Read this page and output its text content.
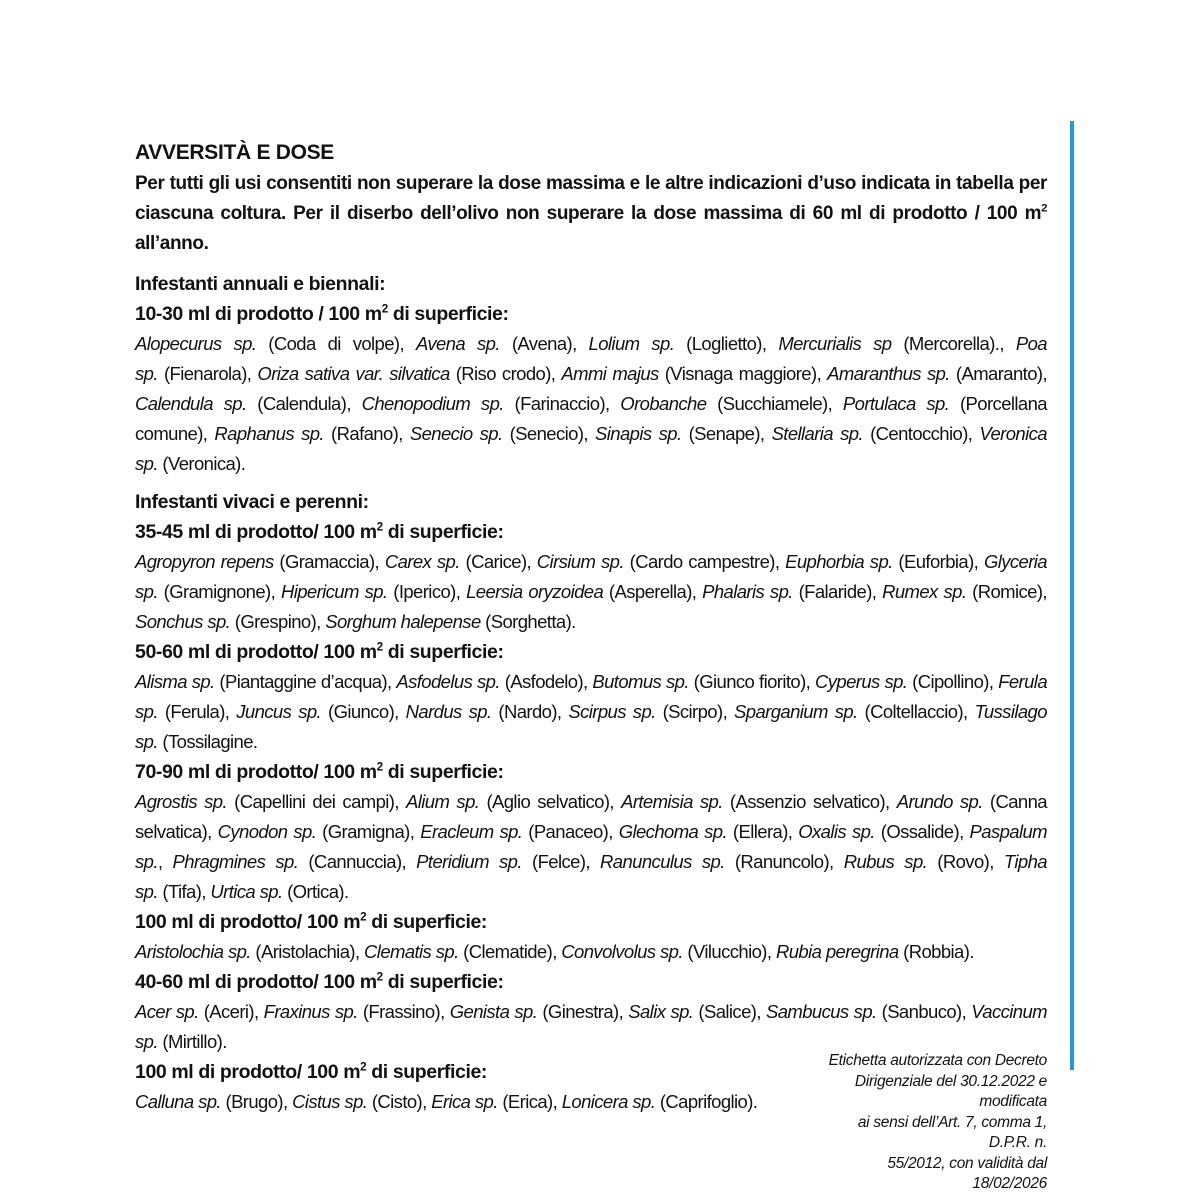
AVVERSITÀ E DOSE

Per tutti gli usi consentiti non superare la dose massima e le altre indicazioni d’uso indicata in tabella per ciascuna coltura. Per il diserbo dell’olivo non superare la dose massima di 60 ml di prodotto / 100 $m^2$ all’anno.

Infestanti annuali e biennali:
10-30 ml di prodotto / 100 $m^2$ di superficie:

Alopecurus sp. (Coda di volpe), Avena sp. (Avena), Lolium sp. (Loglietto), Mercurialis sp (Mercorella)., Poa sp. (Fienarola), Oriza sativa var. silvatica (Riso crodo), Ammi majus (Visnaga maggiore), Amaranthus sp. (Amaranto), Calendula sp. (Calendula), Chenopodium sp. (Farinaccio), Orobanche (Succhiamele), Portulaca sp. (Porcellana comune), Raphanus sp. (Rafano), Senecio sp. (Senecio), Sinapis sp. (Senape), Stellaria sp. (Centocchio), Veronica sp. (Veronica).

Infestanti vivaci e perenni:
35-45 ml di prodotto/ 100 $m^2$ di superficie:

Agropyron repens (Gramaccia), Carex sp. (Carice), Cirsium sp. (Cardo campestre), Euphorbia sp. (Euforbia), Glyceria sp. (Gramignone), Hipericum sp. (Iperico), Leersia oryzoidea (Asperella), Phalaris sp. (Falaride), Rumex sp. (Romice), Sonchus sp. (Grespino), Sorghum halepense (Sorghetta).

50-60 ml di prodotto/ 100 $m^2$ di superficie:

Alisma sp. (Piantaggine d’acqua), Asfodelus sp. (Asfodelo), Butomus sp. (Giunco fiorito), Cyperus sp. (Cipollino), Ferula sp. (Ferula), Juncus sp. (Giunco), Nardus sp. (Nardo), Scirpus sp. (Scirpo), Sparganium sp. (Coltellaccio), Tussilago sp. (Tossilagine.

70-90 ml di prodotto/ 100 $m^2$ di superficie:

Agrostis sp. (Capellini dei campi), Alium sp. (Aglio selvatico), Artemisia sp. (Assenzio selvatico), Arundo sp. (Canna selvatica), Cynodon sp. (Gramigna), Eracleum sp. (Panaceo), Glechoma sp. (Ellera), Oxalis sp. (Ossalide), Paspalum sp., Phragmines sp. (Cannuccia), Pteridium sp. (Felce), Ranunculus sp. (Ranuncolo), Rubus sp. (Rovo), Tipha sp. (Tifa), Urtica sp. (Ortica).

100 ml di prodotto/ 100 $m^2$ di superficie:

Aristolochia sp. (Aristolachia), Clematis sp. (Clematide), Convolvolus sp. (Vilucchio), Rubia peregrina (Robbia).

40-60 ml di prodotto/ 100 $m^2$ di superficie:

Acer sp. (Aceri), Fraxinus sp. (Frassino), Genista sp. (Ginestra), Salix sp. (Salice), Sambucus sp. (Sanbuco), Vaccinum sp. (Mirtillo).

100 ml di prodotto/ 100 $m^2$ di superficie:

Calluna sp. (Brugo), Cistus sp. (Cisto), Erica sp. (Erica), Lonicera sp. (Caprifoglio).

Etichetta autorizzata con Decreto
Dirigenziale del 30.12.2022 e modificata
ai sensi dell’Art. 7, comma 1, D.P.R. n.
55/2012, con validità dal 18/02/2026
